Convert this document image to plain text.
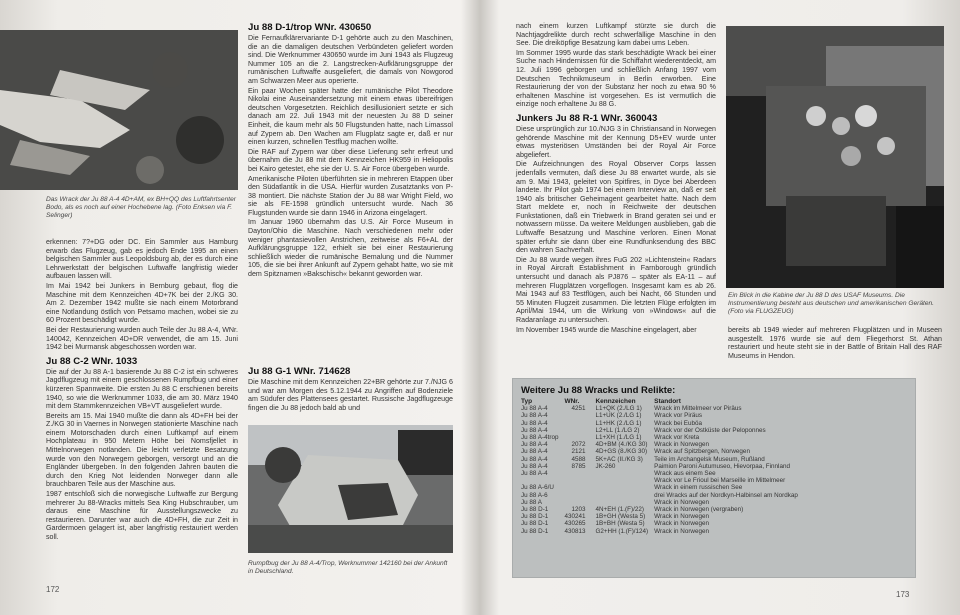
Das Wrack der Ju 88 A-4 4D+AM, ex BH+QQ des Luftfahrtsenter Bodo, als es noch auf einer Hochebene lag. (Foto Enksen via F. Selinger)

erkennen: 7?+DG oder DC. Ein Sammler aus Hamburg erwarb das Flugzeug, gab es jedoch Ende 1995 an einen belgischen Sammler aus Leopoldsburg ab, der es durch eine Lehrwerkstatt der belgischen Luftwaffe langfristig wieder aufbauen lassen will.

Im Mai 1942 bei Junkers in Bernburg gebaut, flog die Maschine mit dem Kennzeichen 4D+7K bei der 2./KG 30. Am 2. Dezember 1942 mußte sie nach einem Motorbrand eine Notlandung östlich von Petsamo machen, wobei sie zu 60 Prozent beschädigt wurde.

Bei der Restaurierung wurden auch Teile der Ju 88 A-4, WNr. 140042, Kennzeichen 4D+DR verwendet, die am 15. Juni 1942 bei Murmansk abgeschossen worden war.

Ju 88 C-2 WNr. 1033

Die auf der Ju 88 A-1 basierende Ju 88 C-2 ist ein schweres Jagdflugzeug mit einem geschlossenen Rumpfbug und einer kürzeren Spannweite. Die ersten Ju 88 C erschienen bereits 1940, so wie die Werknummer 1033, die am 30. März 1940 mit dem Stammkennzeichen VB+VT ausgeliefert wurde.

Bereits am 15. Mai 1940 mußte die dann als 4D+FH bei der Z./KG 30 in Vaernes in Norwegen stationierte Maschine nach einem Motorschaden durch einen Luftkampf auf einem Hochplateau in 950 Metern Höhe bei Nomsfjellet in Mittelnorwegen notlanden. Die leicht verletzte Besatzung wurde von den Norwegern geborgen, versorgt und an die Engländer übergeben. In den folgenden Jahren bauten die durch den Krieg Not leidenden Norweger dann alle brauchbaren Teile aus der Maschine aus.

1987 entschloß sich die norwegische Luftwaffe zur Bergung mehrerer Ju 88-Wracks mittels Sea King Hubschrauber, um daraus eine Maschine für Ausstellungszwecke zu restaurieren. Darunter war auch die 4D+FH, die zur Zeit in Gardermoen gelagert ist, aber langfristig restauriert werden soll.

Ju 88 D-1/trop WNr. 430650

Die Fernaufklärervariante D-1 gehörte auch zu den Maschinen, die an die damaligen deutschen Verbündeten geliefert worden sind. Die Werknummer 430650 wurde im Juni 1943 als Flugzeug Nummer 105 an die 2. Langstrecken-Aufklärungsgruppe der rumänischen Luftwaffe ausgeliefert, die damals von Nowgorod am Schwarzen Meer aus operierte.

Ein paar Wochen später hatte der rumänische Pilot Theodore Nikolai eine Auseinandersetzung mit einem etwas übereifrigen deutschen Vorgesetzten. Reichlich desillusioniert setzte er sich danach am 22. Juli 1943 mit der neuesten Ju 88 D seiner Einheit, die kaum mehr als 50 Flugstunden hatte, nach Limassol auf Zypern ab. Den Wachen am Flugplatz sagte er, daß er nur einen kurzen, schnellen Testflug machen wollte.

Die RAF auf Zypern war über diese Lieferung sehr erfreut und übernahm die Ju 88 mit dem Kennzeichen HK959 in Heliopolis bei Kairo getestet, ehe sie der U. S. Air Force übergeben wurde.

Amerikanische Piloten überführten sie in mehreren Etappen über den Südatlantik in die USA. Hierfür wurden Zusatztanks von P-38 montiert. Die nächste Station der Ju 88 war Wright Field, wo sie als FE-1598 gründlich untersucht wurde. Nach 36 Flugstunden wurde sie dann 1946 in Arizona eingelagert.

Im Januar 1960 übernahm das U.S. Air Force Museum in Dayton/Ohio die Maschine. Nach verschiedenen mehr oder weniger phantasievollen Anstrichen, zeitweise als F6+AL der Aufklärungsgruppe 122, erhielt sie bei einer Restaurierung schließlich wieder die rumänische Bemalung und die Nummer 105, die sie bei ihrer Ankunft auf Zypern gehabt hatte, wo sie mit dem Spitznamen »Bakschisch« bekannt geworden war.

Ju 88 G-1 WNr. 714628

Die Maschine mit dem Kennzeichen 22+BR gehörte zur 7./NJG 6 und war am Morgen des 5.12.1944 zu Angriffen auf Bodenziele am Südufer des Plattensees gestartet. Russische Jagdflugzeuge fingen die Ju 88 jedoch bald ab und

Rumpfbug der Ju 88 A-4/Trop, Werknummer 142160 bei der Ankunft in Deutschland.
172

nach einem kurzen Luftkampf stürzte sie durch die Nachtjagdrelikte durch recht schwerfällige Maschine in den See. Die dreiköpfige Besatzung kam dabei ums Leben.

Im Sommer 1995 wurde das stark beschädigte Wrack bei einer Suche nach Hindernissen für die Schiffahrt wiederentdeckt, am 12. Juli 1996 geborgen und schließlich Anfang 1997 vom Deutschen Technikmuseum in Berlin erworben. Eine Restaurierung der von der Substanz her noch zu etwa 90 % erhaltenen Maschine ist vorgesehen. Es ist vermutlich die einzige noch erhaltene Ju 88 G.

Junkers Ju 88 R-1 WNr. 360043

Diese ursprünglich zur 10./NJG 3 in Christiansand in Norwegen gehörende Maschine mit der Kennung D5+EV wurde unter etwas mysteriösen Umständen bei der Royal Air Force abgeliefert.

Die Aufzeichnungen des Royal Observer Corps lassen jedenfalls vermuten, daß diese Ju 88 erwartet wurde, als sie am 9. Mai 1943, geleitet von Spitfires, in Dyce bei Aberdeen landete. Ihr Pilot gab 1974 bei einem Interview an, daß er seit 1940 als britischer Geheimagent gearbeitet hatte. Nach dem Start meldete er, noch in Reichweite der deutschen Funkstationen, daß ein Triebwerk in Brand geraten sei und er notwassern müsse. Da weitere Meldungen ausblieben, gab die Luftwaffe Besatzung und Maschine verloren. Einen Monat später erfuhr sie dann über eine Rundfunksendung des BBC den wahren Sachverhalt.

Die Ju 88 wurde wegen ihres FuG 202 »Lichtenstein« Radars in Royal Aircraft Establishment in Farnborough gründlich untersucht und danach als PJ876 – später als EA-11 – auf mehreren Flugplätzen vorgeflogen. Insgesamt kam es ab 26. Mai 1943 auf 83 Testflügen, auch bei Nacht, 66 Stunden und 55 Minuten Flugzeit zusammen. Die letzten Flüge erfolgten im April/Mai 1944, um die Wirkung von »Windows« auf die Radaranlage zu untersuchen.

Im November 1945 wurde die Maschine eingelagert, aber

Ein Blick in die Kabine der Ju 88 D des USAF Museums. Die Instrumentierung besteht aus deutschen und amerikanischen Geräten. (Foto via FLUGZEUG)

bereits ab 1949 wieder auf mehreren Flugplätzen und in Museen ausgestellt. 1976 wurde sie auf dem Fliegerhorst St. Athan restauriert und heute steht sie in der Battle of Britain Hall des RAF Museums in Hendon.

Weitere Ju 88 Wracks und Relikte:
Typ	WNr.	Kennzeichen	Standort
Ju 88 A-4	4251	L1+QK (2./LG 1)	Wrack im Mittelmeer vor Piräus
Ju 88 A-4		L1+UK (2./LG 1)	Wrack vor Piräus
Ju 88 A-4		L1+HK (2./LG 1)	Wrack bei Euböa
Ju 88 A-4		L2+LL (1./LG 2)	Wrack vor der Ostküste der Peloponnes
Ju 88 A-4trop		L1+XH (1./LG 1)	Wrack vor Kreta
Ju 88 A-4	2072	4D+BM (4./KG 30)	Wrack in Norwegen
Ju 88 A-4	2121	4D+GS (8./KG 30)	Wrack auf Spitzbergen, Norwegen
Ju 88 A-4	4588	5K+AC (II./KG 3)	Teile im Archangelsk Museum, Rußland
Ju 88 A-4	8785	JK-260	Paimion Paroni Autumuseo, Hievorpaa, Finnland
Ju 88 A-4			Wrack aus einem See
			Wrack vor Le Frioul bei Marseille im Mittelmeer
Ju 88 A-6/U			Wrack in einem russischen See
Ju 88 A-6			drei Wracks auf der Nordkyn-Halbinsel am Nordkap
Ju 88 A			Wrack in Norwegen
Ju 88 D-1	1203	4N+EH (1.(F)/22)	Wrack in Norwegen (vergraben)
Ju 88 D-1	430241	1B+GH (Westa 5)	Wrack in Norwegen
Ju 88 D-1	430265	1B+BH (Westa 5)	Wrack in Norwegen
Ju 88 D-1	430813	G2+HH (1.(F)/124)	Wrack in Norwegen
173
